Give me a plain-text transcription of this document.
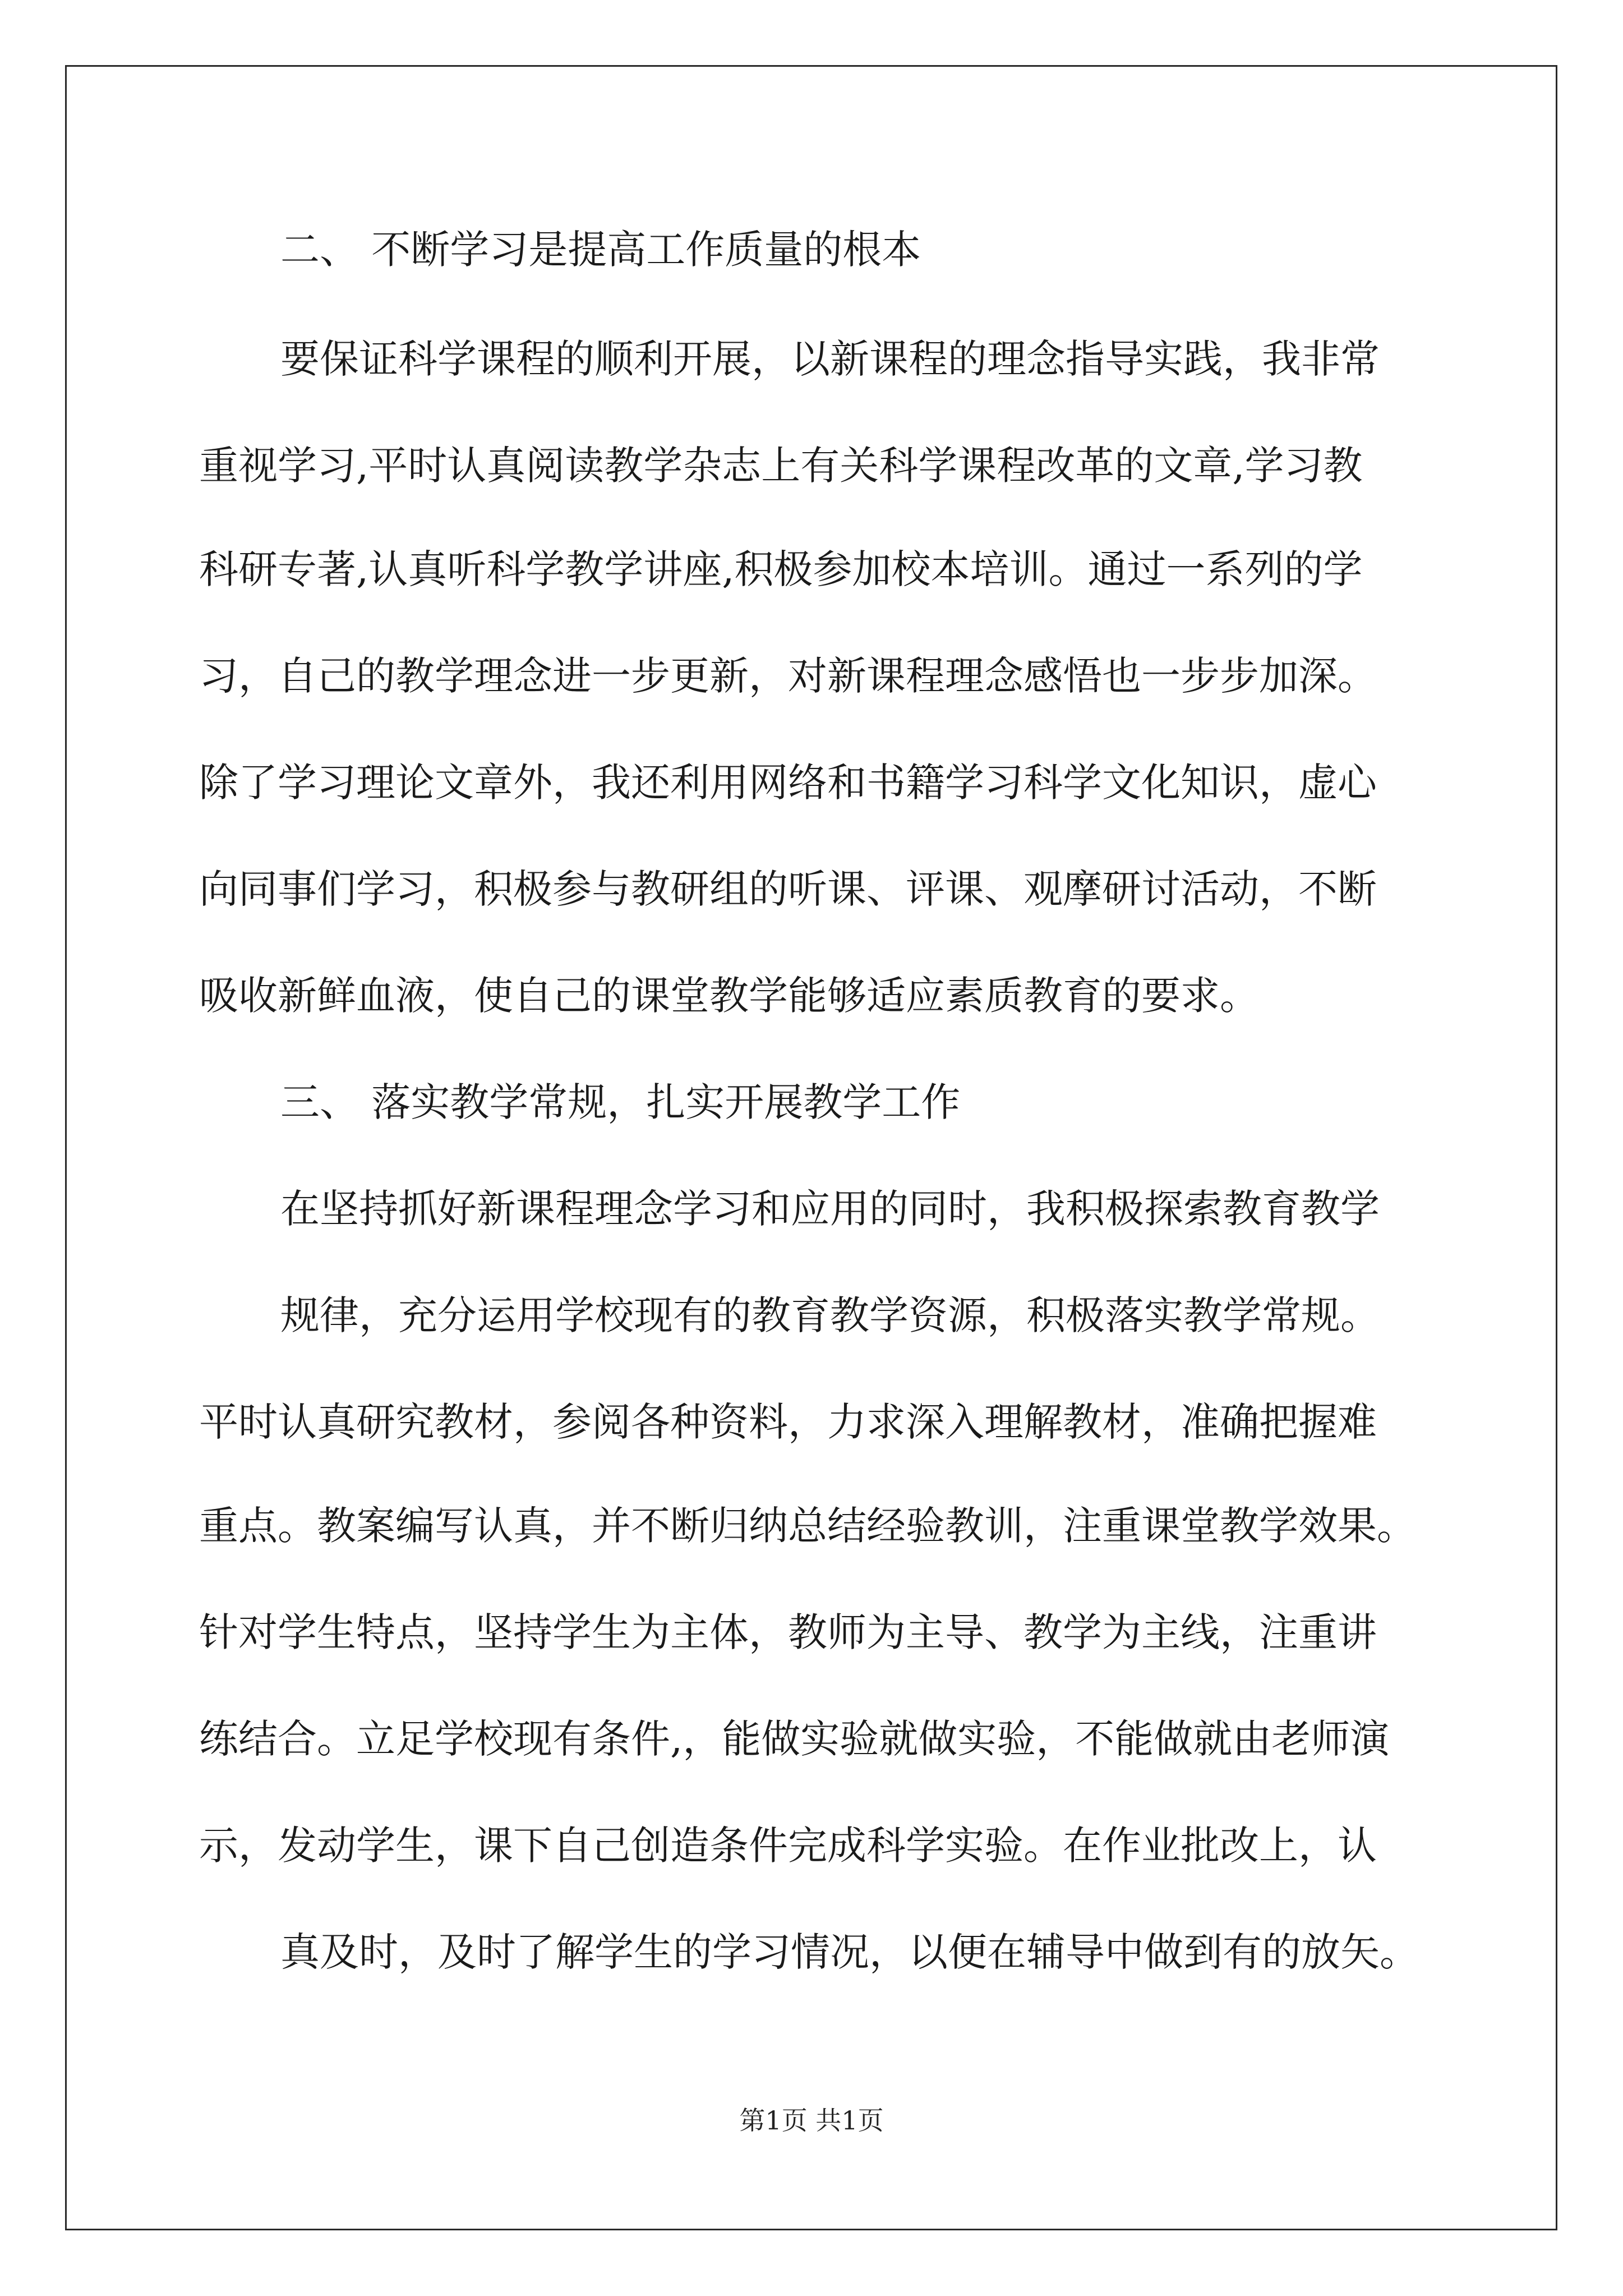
二、 不断学习是提高工作质量的根本
要保证科学课程的顺利开展，以新课程的理念指导实践，我非常
重视学习,平时认真阅读教学杂志上有关科学课程改革的文章,学习教
科研专著,认真听科学教学讲座,积极参加校本培训。通过一系列的学
习，自己的教学理念进一步更新，对新课程理念感悟也一步步加深。
除了学习理论文章外，我还利用网络和书籍学习科学文化知识，虚心
向同事们学习，积极参与教研组的听课、评课、观摩研讨活动，不断
吸收新鲜血液，使自己的课堂教学能够适应素质教育的要求。
三、 落实教学常规，扎实开展教学工作
在坚持抓好新课程理念学习和应用的同时，我积极探索教育教学
规律，充分运用学校现有的教育教学资源，积极落实教学常规。
平时认真研究教材，参阅各种资料，力求深入理解教材，准确把握难
重点。教案编写认真，并不断归纳总结经验教训，注重课堂教学效果。
针对学生特点，坚持学生为主体，教师为主导、教学为主线，注重讲
练结合。立足学校现有条件,，能做实验就做实验，不能做就由老师演
示，发动学生，课下自己创造条件完成科学实验。在作业批改上，认
真及时，及时了解学生的学习情况，以便在辅导中做到有的放矢。
第1页 共1页
